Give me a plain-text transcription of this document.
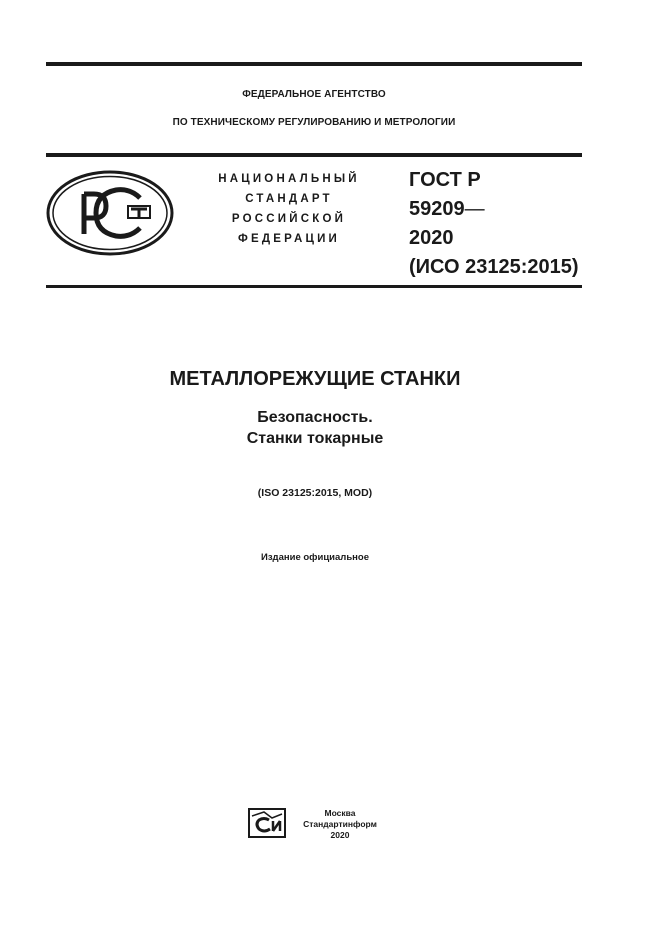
ФЕДЕРАЛЬНОЕ АГЕНТСТВО
ПО ТЕХНИЧЕСКОМУ РЕГУЛИРОВАНИЮ И МЕТРОЛОГИИ
НАЦИОНАЛЬНЫЙ
СТАНДАРТ
РОССИЙСКОЙ
ФЕДЕРАЦИИ
ГОСТ Р
59209—
2020
(ИСО 23125:2015)
МЕТАЛЛОРЕЖУЩИЕ СТАНКИ
Безопасность.
Станки токарные
(ISO 23125:2015, MOD)
Издание официальное
Москва
Стандартинформ
2020
